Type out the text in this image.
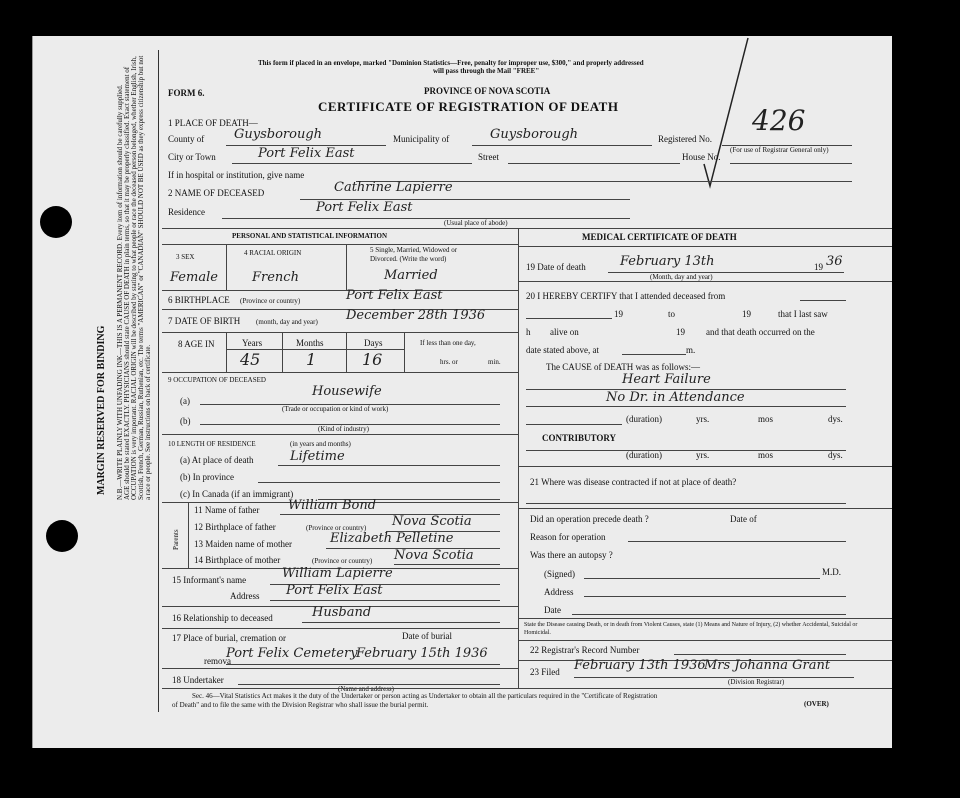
MARGIN RESERVED FOR BINDING N.B.—WRITE PLAINLY WITH UNFADING INK—THIS IS A PERMANENT RECORD. Every item of information should be carefully supplied. AGE should be stated EXACTLY. PHYSICIANS should state CAUSE OF DEATH in plain terms, so that it may be properly classified. Exact statement of OCCUPATION is very important. RACIAL ORIGIN will be described by stating to what people or race the deceased person belonged, whether English, Irish, Scottish, French, German, Russian, Ruthenian, etc. The terms "AMERICAN" or "CANADIAN" SHOULD NOT BE USED as they express citizenship but not a race or people. See instructions on back of certificate.
This form if placed in an envelope, marked "Dominion Statistics—Free, penalty for improper use, $300," and properly addressed
will pass through the Mail "FREE"
FORM 6.	PROVINCE OF NOVA SCOTIA
CERTIFICATE OF REGISTRATION OF DEATH	426
1 PLACE OF DEATH—
County of Guysborough	Municipality of	Guysborough	Registered No.
(For use of Registrar General only)
City or Town	Port Felix East	Street	House No.
If in hospital or institution, give name
2 NAME OF DECEASED	Cathrine Lapierre
Residence	Port Felix East
(Usual place of abode)
PERSONAL AND STATISTICAL INFORMATION
3 SEX	4 RACIAL ORIGIN	5 Single, Married, Widowed or
Divorced. (Write the word)
Female	French	Married
6 BIRTHPLACE (Province or country)	Port Felix East
7 DATE OF BIRTH (month, day and year) December 28th 1936
8 AGE IN	Years	Months	Days
45	1	16
If less than one day,
hrs. or	min.
9 OCCUPATION OF DECEASED
(a)
Housewife
(Trade or occupation or kind of work)
(b)
(Kind of industry)
10 LENGTH OF RESIDENCE	(in years and months)
(a) At place of death	Lifetime
(b) In province
(c) In Canada (if an immigrant)
Parents
11 Name of father William Bond
12 Birthplace of father	(Province or country) Nova Scotia
13 Maiden name of mother	Elizabeth Pelletine
14 Birthplace of mother	(Province or country) Nova Scotia
15 Informant's name	William Lapierre
Address Port Felix East
16 Relationship to deceased	Husband
17 Place of burial, cremation or	Date of burial
remova
Port Felix Cemetery
February 15th 1936
18 Undertaker
(Name and address)
MEDICAL CERTIFICATE OF DEATH
19 Date of death	February 13th	19 36
(Month, day and year)
20 I HEREBY CERTIFY that I attended deceased from
19	to	19	that I last saw
h alive on	19 and that death occurred on the
date stated above, at	m.
The CAUSE of DEATH was as follows:—
Heart Failure
No Dr. in Attendance
(duration)	yrs.	mos	dys.
CONTRIBUTORY
(duration)	yrs.	mos	dys.
21 Where was disease contracted if not at place of death?
Did an operation precede death ?	Date of
Reason for operation
Was there an autopsy ?
(Signed)	M.D.
Address
Date
State the Disease causing Death, or in death from Violent Causes, state (1) Means and Nature of Injury, (2) whether Accidental, Suicidal or Homicidal.
22 Registrar's Record Number
23 Filed February 13th 1936
Mrs Johanna Grant
(Division Registrar)
Sec. 46—Vital Statistics Act makes it the duty of the Undertaker or person acting as Undertaker to obtain all the particulars required in the "Certificate of Registration
of Death" and to file the same with the Division Registrar who shall issue the burial permit.	(OVER)
